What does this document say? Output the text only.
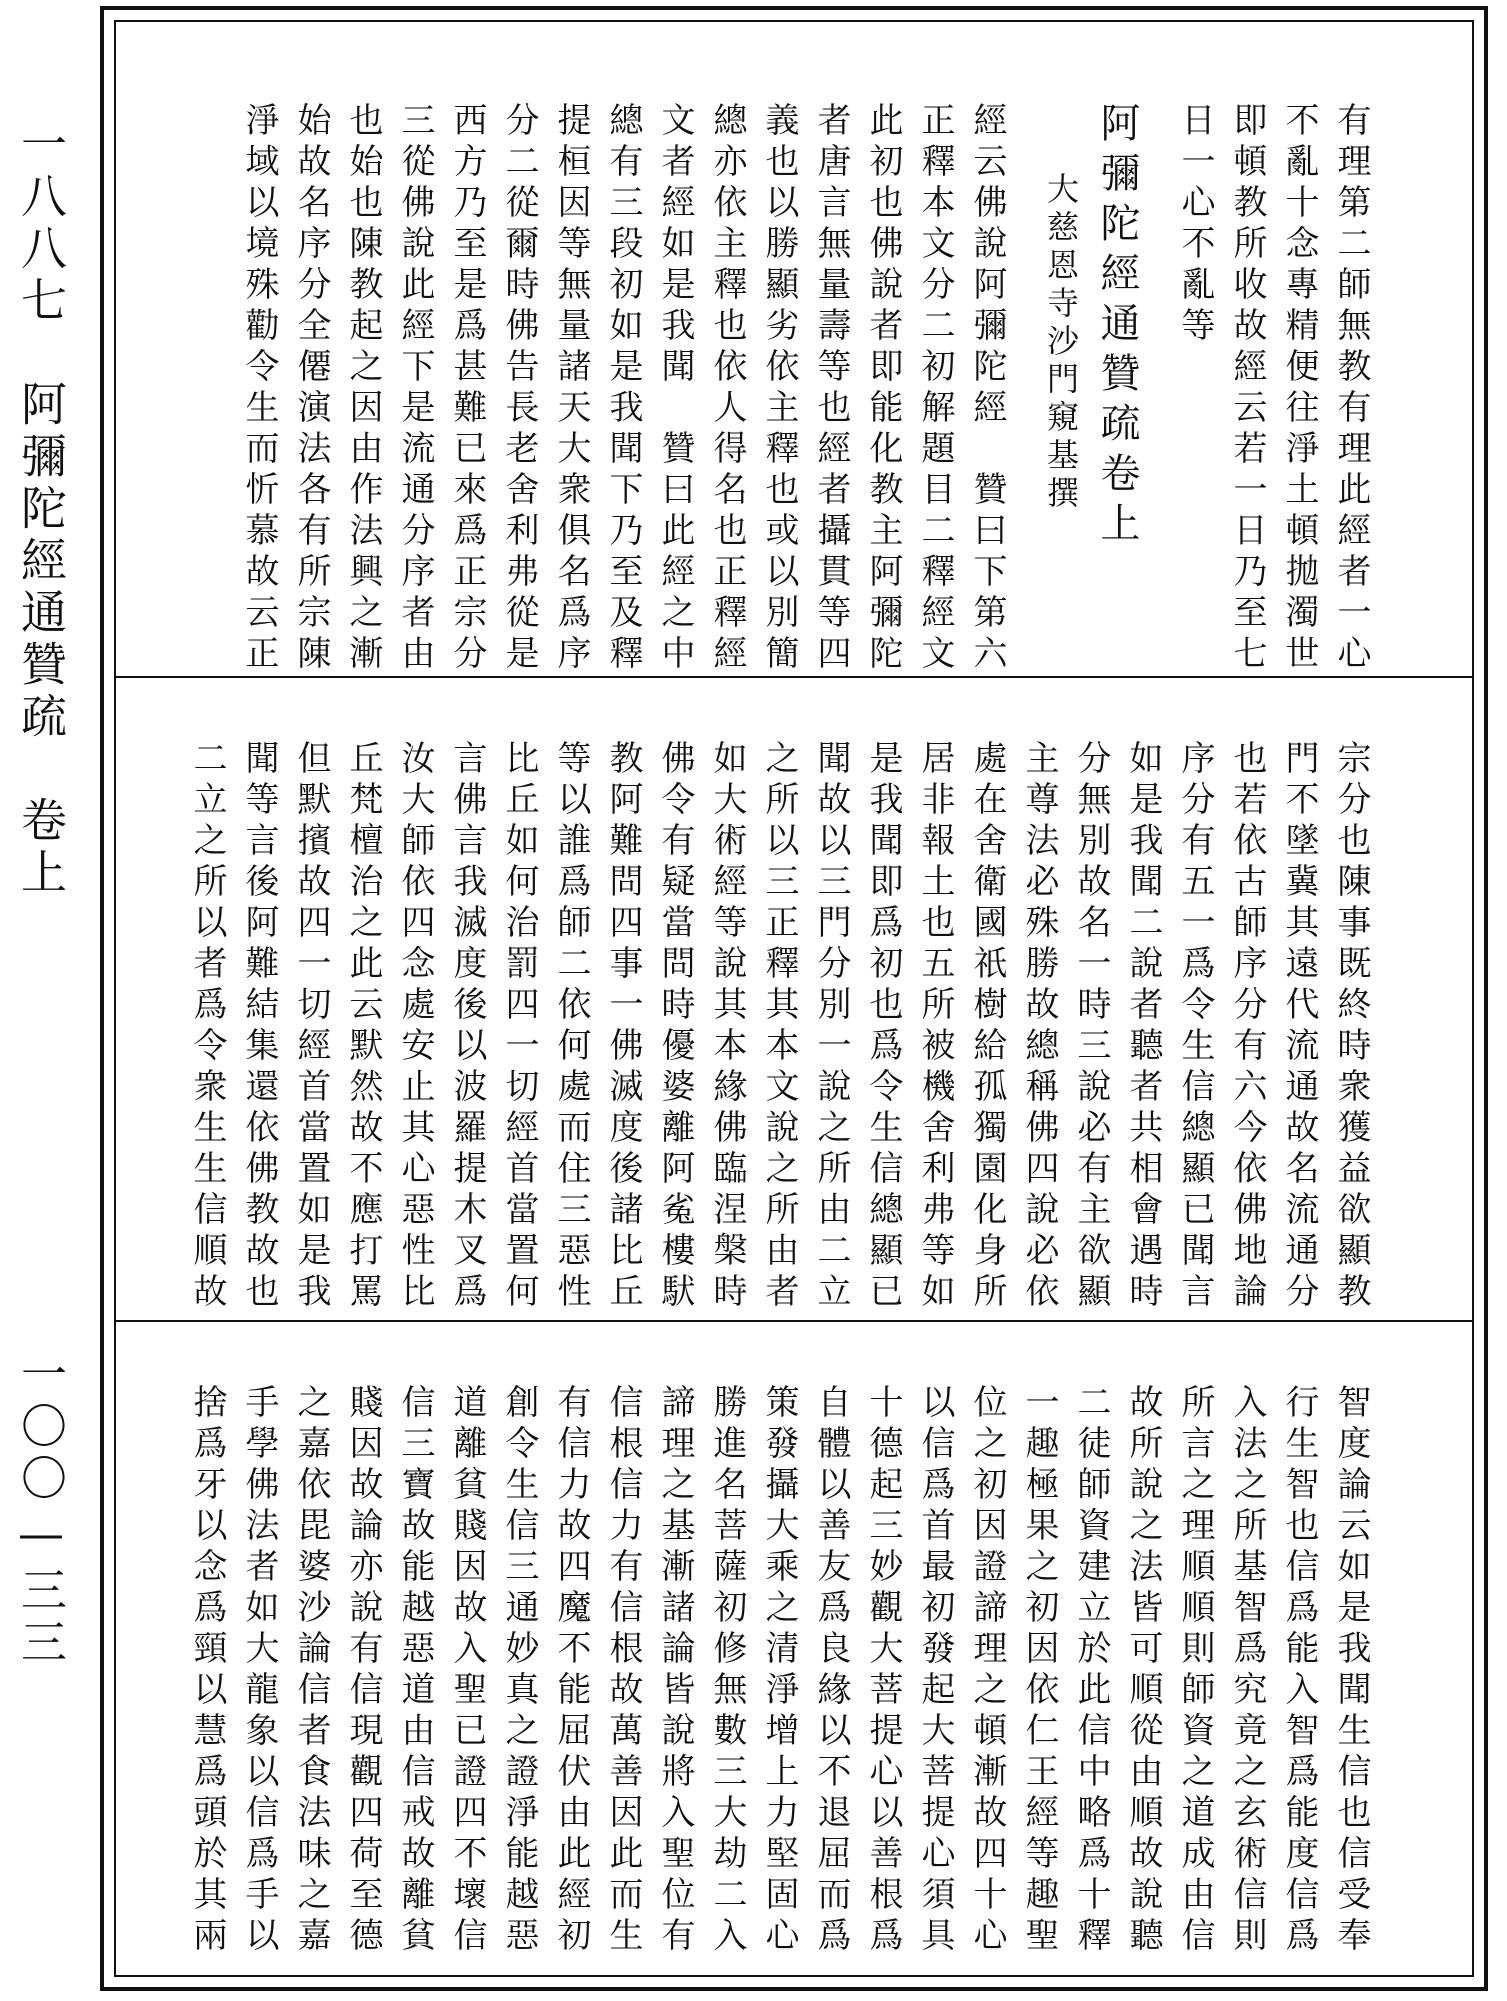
一八八七　阿彌陀經通贊疏　卷上
一〇〇—三三
有理第二師無教有理此經者一心
不亂十念專精便往淨土頓拋濁世
即頓教所收故經云若一日乃至七
日一心不亂等
阿彌陀經通贊疏卷上
大慈恩寺沙門窺基撰
經云佛說阿彌陀經　贊曰下第六
正釋本文分二初解題目二釋經文
此初也佛說者即能化教主阿彌陀
者唐言無量壽等也經者攝貫等四
義也以勝顯劣依主釋也或以別簡
總亦依主釋也依人得名也正釋經
文者經如是我聞　贊曰此經之中
總有三段初如是我聞下乃至及釋
提桓因等無量諸天大衆俱名爲序
分二從爾時佛告長老舍利弗從是
西方乃至是爲甚難已來爲正宗分
三從佛說此經下是流通分序者由
也始也陳教起之因由作法興之漸
始故名序分全僊演法各有所宗陳
淨域以境殊勸令生而忻慕故云正
宗分也陳事既終時衆獲益欲顯教
門不墜冀其遠代流通故名流通分
也若依古師序分有六今依佛地論
序分有五一爲令生信總顯已聞言
如是我聞二說者聽者共相會遇時
分無別故名一時三說必有主欲顯
主尊法必殊勝故總稱佛四說必依
處在舍衛國祇樹給孤獨園化身所
居非報土也五所被機舍利弗等如
是我聞即爲初也爲令生信總顯已
聞故以三門分別一說之所由二立
之所以三正釋其本文說之所由者
如大術經等說其本緣佛臨涅槃時
佛令有疑當問時優婆離阿㝹樓䭾
教阿難問四事一佛滅度後諸比丘
等以誰爲師二依何處而住三惡性
比丘如何治罰四一切經首當置何
言佛言我滅度後以波羅提木叉爲
汝大師依四念處安止其心惡性比
丘梵檀治之此云默然故不應打罵
但默擯故四一切經首當置如是我
聞等言後阿難結集還依佛教故也
二立之所以者爲令衆生生信順故
智度論云如是我聞生信也信受奉
行生智也信爲能入智爲能度信爲
入法之所基智爲究竟之玄術信則
所言之理順順則師資之道成由信
故所說之法皆可順從由順故說聽
二徒師資建立於此信中略爲十釋
一趣極果之初因依仁王經等趣聖
位之初因證諦理之頓漸故四十心
以信爲首最初發起大菩提心須具
十德起三妙觀大菩提心以善根爲
自體以善友爲良緣以不退屈而爲
策發攝大乘之清淨增上力堅固心
勝進名菩薩初修無數三大劫二入
諦理之基漸諸論皆說將入聖位有
信根信力有信根故萬善因此而生
有信力故四魔不能屈伏由此經初
創令生信三通妙真之證淨能越惡
道離貧賤因故入聖已證四不壞信
信三寶故能越惡道由信戒故離貧
賤因故論亦說有信現觀四荷至德
之嘉依毘婆沙論信者食法味之嘉
手學佛法者如大龍象以信爲手以
捨爲牙以念爲頸以慧爲頭於其兩
